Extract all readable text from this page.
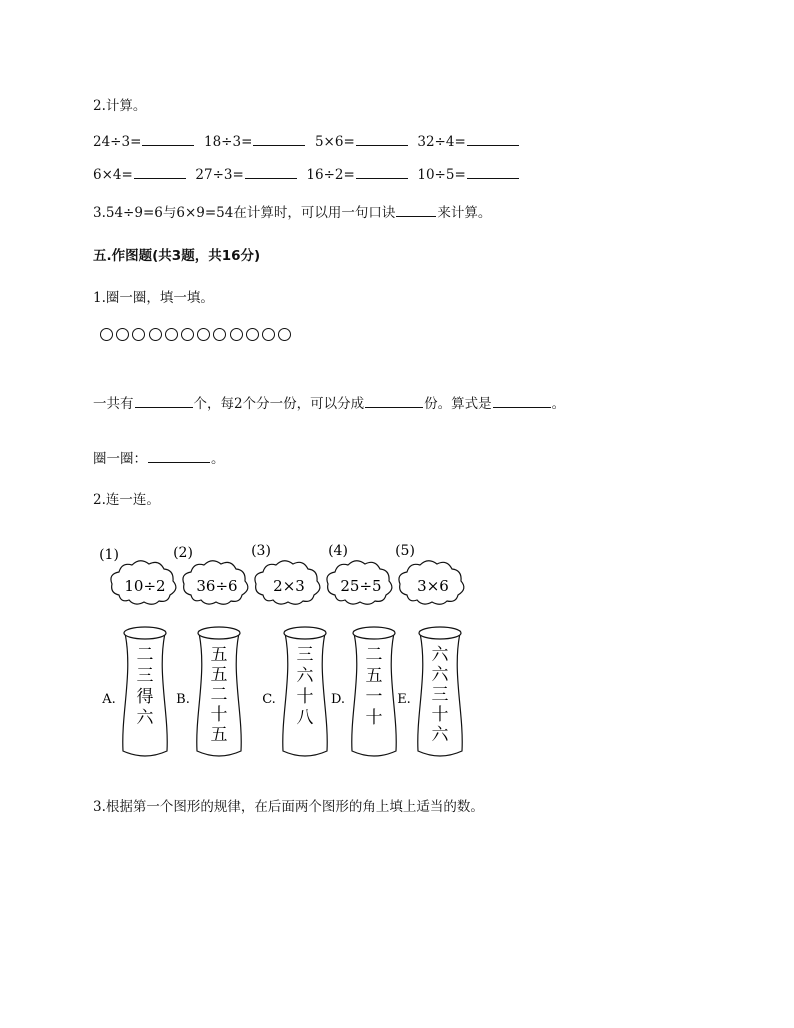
2.计算。
24÷3=	18÷3=	5×6=	32÷4=
6×4=	27÷3=	16÷2=	10÷5=
3.54÷9=6与6×9=54在计算时，可以用一句口诀	来计算。
五.作图题(共3题，共16分)
1.圈一圈，填一填。
一共有	个，每2个分一份，可以分成	份。算式是	。
圈一圈：	。
2.连一连。
(1)
10÷2
(2)
36÷6
(3)
2×3
(4)
25÷5
(5)
3×6
A.
二
三
得
六
B.
五
五
二
十
五
C.
三
六
十
八
D.
二
五
一
十
E.
六
六
三
十
六
3.根据第一个图形的规律，在后面两个图形的角上填上适当的数。
